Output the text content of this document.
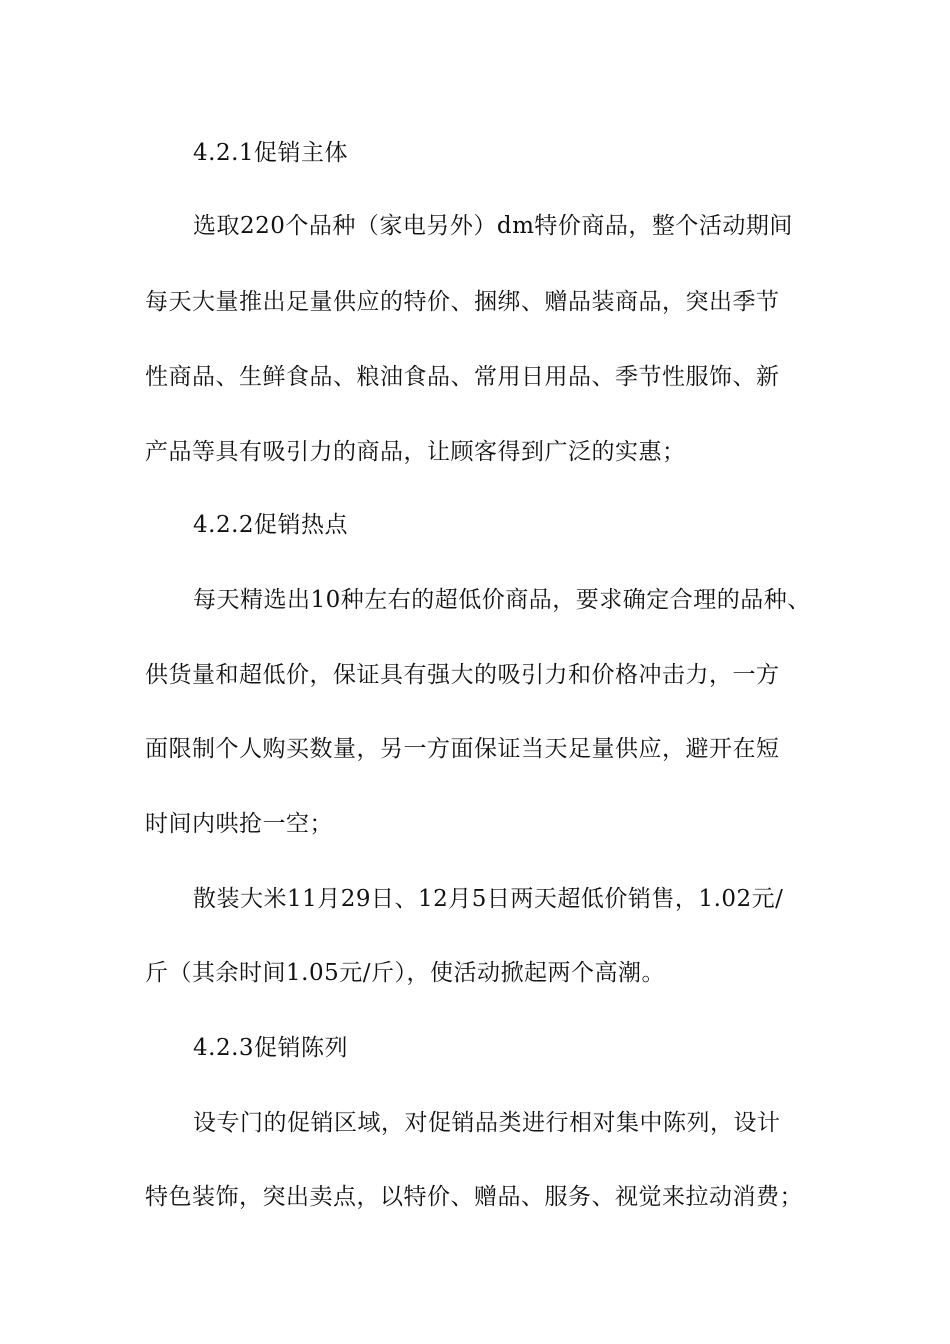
4.2.1促销主体
选取220个品种（家电另外）dm特价商品，整个活动期间
每天大量推出足量供应的特价、捆绑、赠品装商品，突出季节
性商品、生鲜食品、粮油食品、常用日用品、季节性服饰、新
产品等具有吸引力的商品，让顾客得到广泛的实惠；
4.2.2促销热点
每天精选出10种左右的超低价商品，要求确定合理的品种、
供货量和超低价，保证具有强大的吸引力和价格冲击力，一方
面限制个人购买数量，另一方面保证当天足量供应，避开在短
时间内哄抢一空；
散装大米11月29日、12月5日两天超低价销售，1.02元/
斤（其余时间1.05元/斤），使活动掀起两个高潮。
4.2.3促销陈列
设专门的促销区域，对促销品类进行相对集中陈列，设计
特色装饰，突出卖点，以特价、赠品、服务、视觉来拉动消费；
